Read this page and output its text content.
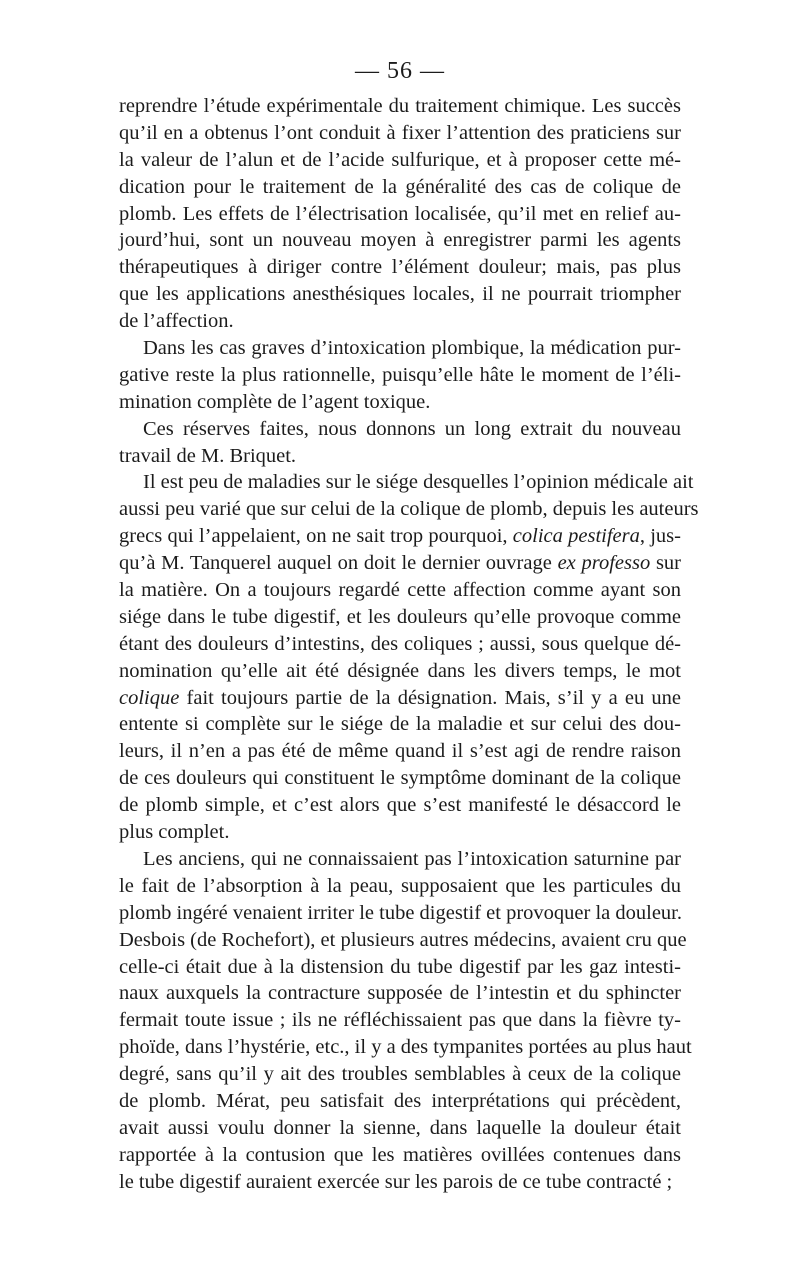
— 56 —
reprendre l’étude expérimentale du traitement chimique. Les succès
qu’il en a obtenus l’ont conduit à fixer l’attention des praticiens sur
la valeur de l’alun et de l’acide sulfurique, et à proposer cette mé-
dication pour le traitement de la généralité des cas de colique de
plomb. Les effets de l’électrisation localisée, qu’il met en relief au-
jourd’hui, sont un nouveau moyen à enregistrer parmi les agents
thérapeutiques à diriger contre l’élément douleur; mais, pas plus
que les applications anesthésiques locales, il ne pourrait triompher
de l’affection.
Dans les cas graves d’intoxication plombique, la médication pur-
gative reste la plus rationnelle, puisqu’elle hâte le moment de l’éli-
mination complète de l’agent toxique.
Ces réserves faites, nous donnons un long extrait du nouveau
travail de M. Briquet.
Il est peu de maladies sur le siége desquelles l’opinion médicale ait
aussi peu varié que sur celui de la colique de plomb, depuis les auteurs
grecs qui l’appelaient, on ne sait trop pourquoi, colica pestifera, jus-
qu’à M. Tanquerel auquel on doit le dernier ouvrage ex professo sur
la matière. On a toujours regardé cette affection comme ayant son
siége dans le tube digestif, et les douleurs qu’elle provoque comme
étant des douleurs d’intestins, des coliques ; aussi, sous quelque dé-
nomination qu’elle ait été désignée dans les divers temps, le mot
colique fait toujours partie de la désignation. Mais, s’il y a eu une
entente si complète sur le siége de la maladie et sur celui des dou-
leurs, il n’en a pas été de même quand il s’est agi de rendre raison
de ces douleurs qui constituent le symptôme dominant de la colique
de plomb simple, et c’est alors que s’est manifesté le désaccord le
plus complet.
Les anciens, qui ne connaissaient pas l’intoxication saturnine par
le fait de l’absorption à la peau, supposaient que les particules du
plomb ingéré venaient irriter le tube digestif et provoquer la douleur.
Desbois (de Rochefort), et plusieurs autres médecins, avaient cru que
celle-ci était due à la distension du tube digestif par les gaz intesti-
naux auxquels la contracture supposée de l’intestin et du sphincter
fermait toute issue ; ils ne réfléchissaient pas que dans la fièvre ty-
phoïde, dans l’hystérie, etc., il y a des tympanites portées au plus haut
degré, sans qu’il y ait des troubles semblables à ceux de la colique
de plomb. Mérat, peu satisfait des interprétations qui précèdent,
avait aussi voulu donner la sienne, dans laquelle la douleur était
rapportée à la contusion que les matières ovillées contenues dans
le tube digestif auraient exercée sur les parois de ce tube contracté ;
